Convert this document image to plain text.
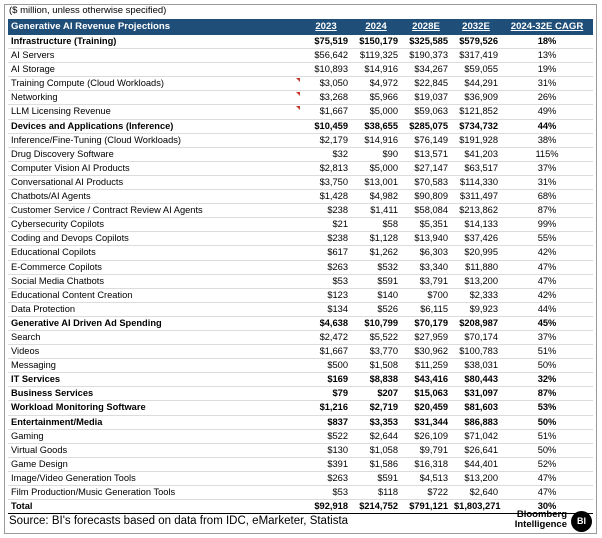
($ million, unless otherwise specified)
Generative AI Revenue Projections	2023	2024	2028E	2032E	2024-32E CAGR
Infrastructure (Training)	$75,519	$150,179	$325,585	$579,526	18%
AI Servers	$56,642	$119,325	$190,373	$317,419	13%
AI Storage	$10,893	$14,916	$34,267	$59,055	19%
Training Compute (Cloud Workloads)	$3,050	$4,972	$22,845	$44,291	31%
Networking	$3,268	$5,966	$19,037	$36,909	26%
LLM Licensing Revenue	$1,667	$5,000	$59,063	$121,852	49%
Devices and Applications (Inference)	$10,459	$38,655	$285,075	$734,732	44%
Inference/Fine-Tuning (Cloud Workloads)	$2,179	$14,916	$76,149	$191,928	38%
Drug Discovery Software	$32	$90	$13,571	$41,203	115%
Computer Vision AI Products	$2,813	$5,000	$27,147	$63,517	37%
Conversational AI Products	$3,750	$13,001	$70,583	$114,330	31%
Chatbots/AI Agents	$1,428	$4,982	$90,809	$311,497	68%
Customer Service / Contract Review AI Agents	$238	$1,411	$58,084	$213,862	87%
Cybersecurity Copilots	$21	$58	$5,351	$14,133	99%
Coding and Devops Copilots	$238	$1,128	$13,940	$37,426	55%
Educational Copilots	$617	$1,262	$6,303	$20,995	42%
E-Commerce Copilots	$263	$532	$3,340	$11,880	47%
Social Media Chatbots	$53	$591	$3,791	$13,200	47%
Educational Content Creation	$123	$140	$700	$2,333	42%
Data Protection	$134	$526	$6,115	$9,923	44%
Generative AI Driven Ad Spending	$4,638	$10,799	$70,179	$208,987	45%
Search	$2,472	$5,522	$27,959	$70,174	37%
Videos	$1,667	$3,770	$30,962	$100,783	51%
Messaging	$500	$1,508	$11,259	$38,031	50%
IT Services	$169	$8,838	$43,416	$80,443	32%
Business Services	$79	$207	$15,063	$31,097	87%
Workload Monitoring Software	$1,216	$2,719	$20,459	$81,603	53%
Entertainment/Media	$837	$3,353	$31,344	$86,883	50%
Gaming	$522	$2,644	$26,109	$71,042	51%
Virtual Goods	$130	$1,058	$9,791	$26,641	50%
Game Design	$391	$1,586	$16,318	$44,401	52%
Image/Video Generation Tools	$263	$591	$4,513	$13,200	47%
Film Production/Music Generation Tools	$53	$118	$722	$2,640	47%
Total	$92,918	$214,752	$791,121	$1,803,271	30%
Source: BI's forecasts based on data from IDC, eMarketer, Statista
Bloomberg
Intelligence	BI
